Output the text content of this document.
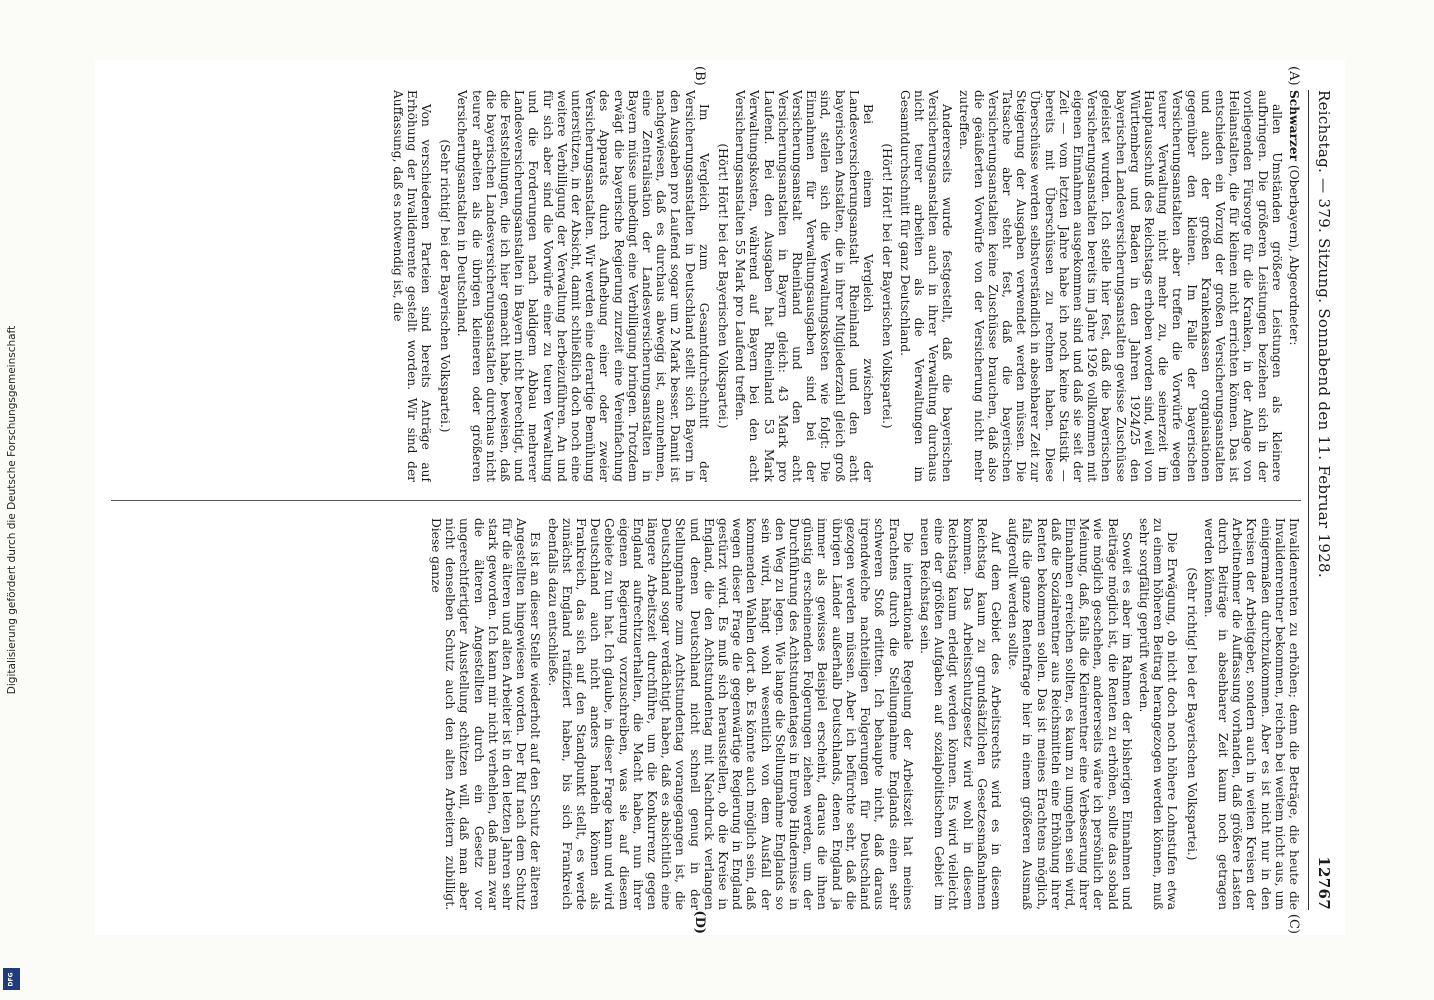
Digitalisierung gefördert durch die Deutsche Forschungsgemeinschaft
DFG
Reichstag. — 379. Sitzung. Sonnabend den 11. Februar 1928.
12767
(A)
(B)
(C)
(D)

Schwarzer (Oberbayern), Abgeordneter:

allen Umständen größere Leistungen als kleinere aufbringen. Die größeren Leistungen beziehen sich in der vorliegenden Fürsorge für die Kranken, in der Anlage von Heilanstalten, die für kleinen nicht errichten können. Das ist entschieden ein Vorzug der großen Versicherungsanstalten und auch der großen Krankenkassen organisationen gegenüber den kleinen. Im Falle der bayerischen Versicherungsanstalten aber treffen die Vorwürfe wegen teurer Verwaltung nicht mehr zu, die seinerzeit im Hauptausschuß des Reichstags erhoben worden sind, weil von Württemberg und Baden in den Jahren 1924/25 den bayerischen Landesversicherungsanstalten gewisse Zuschüsse geleistet wurden. Ich stelle hier fest, daß die bayerischen Versicherungsanstalten bereits im Jahre 1926 vollkommen mit eigenen Einnahmen ausgekommen sind und daß sie seit der Zeit — vom letzten Jahre habe ich noch keine Statistik — bereits mit Überschüssen zu rechnen haben. Diese Überschüsse werden selbstverständlich in absehbarer Zeit zur Steigerung der Ausgaben verwendet werden müssen. Die Tatsache aber steht fest, daß die bayerischen Versicherungsanstalten keine Zuschüsse brauchen, daß also die geäußerten Vorwürfe von der Versicherung nicht mehr zutreffen.

Andererseits wurde festgestellt, daß die bayerischen Versicherungsanstalten auch in ihrer Verwaltung durchaus nicht teurer arbeiten als die Verwaltungen im Gesamtdurchschnitt für ganz Deutschland.

(Hört! Hört! bei der Bayerischen Volkspartei.)

Bei einem Vergleich zwischen der Landesversicherungsanstalt Rheinland und den acht bayerischen Anstalten, die in ihrer Mitgliederzahl gleich groß sind, stellen sich die Verwaltungskosten wie folgt: Die Einnahmen für Verwaltungsausgaben sind bei der Versicherungsanstalt Rheinland und den acht Versicherungsanstalten in Bayern gleich: 43 Mark pro Laufend. Bei den Ausgaben hat Rheinland 53 Mark Verwaltungskosten, während auf Bayern bei den acht Versicherungsanstalten 55 Mark pro Laufend treffen.

(Hört! Hört! bei der Bayerischen Volkspartei.)

Im Vergleich zum Gesamtdurchschnitt der Versicherungsanstalten in Deutschland stellt sich Bayern in den Ausgaben pro Laufend sogar um 2 Mark besser. Damit ist nachgewiesen, daß es durchaus abwegig ist, anzunehmen, eine Zentralisation der Landesversicherungsanstalten in Bayern müsse unbedingt eine Verbilligung bringen. Trotzdem erwägt die bayerische Regierung zurzeit eine Vereinfachung des Apparats durch Aufhebung einer oder zweier Versicherungsanstalten. Wir werden eine derartige Bemühung unterstützen, in der Absicht, damit schließlich doch noch eine weitere Verbilligung der Verwaltung herbeizuführen. An und für sich aber sind die Vorwürfe einer zu teuren Verwaltung und die Forderungen nach baldigem Abbau mehrerer Landesversicherungsanstalten in Bayern nicht berechtigt, und die Feststellungen, die ich hier gemacht habe, beweisen, daß die bayerischen Landesversicherungsanstalten durchaus nicht teurer arbeiten als die übrigen kleineren oder größeren Versicherungsanstalten in Deutschland.

(Sehr richtig! bei der Bayerischen Volkspartei.)

Von verschiedenen Parteien sind bereits Anträge auf Erhöhung der Invalidenrente gestellt worden. Wir sind der Auffassung, daß es notwendig ist, die

Invalidenrenten zu erhöhen; denn die Beträge, die heute die Invalidenrentner bekommen, reichen bei weitem nicht aus, um einigermaßen durchzukommen. Aber es ist nicht nur in den Kreisen der Arbeitgeber, sondern auch in weiten Kreisen der Arbeitnehmer die Auffassung vorhanden, daß größere Lasten durch Beiträge in absehbarer Zeit kaum noch getragen werden können.

(Sehr richtig! bei der Bayerischen Volkspartei.)

Die Erwägung, ob nicht doch noch höhere Lohnstufen etwa zu einem höheren Beitrag herangezogen werden können, muß sehr sorgfältig geprüft werden.

Soweit es aber im Rahmen der bisherigen Einnahmen und Beiträge möglich ist, die Renten zu erhöhen, sollte das sobald wie möglich geschehen, andererseits wäre ich persönlich der Meinung, daß, falls die Kleinrentner eine Verbesserung ihrer Einnahmen erreichen sollten, es kaum zu umgehen sein wird, daß die Sozialrentner aus Reichsmitteln eine Erhöhung ihrer Renten bekommen sollen. Das ist meines Erachtens möglich, falls die ganze Rentenfrage hier in einem größeren Ausmaß aufgerollt werden sollte.

Auf dem Gebiet des Arbeitsrechts wird es in diesem Reichstag kaum zu grundsätzlichen Gesetzesmaßnahmen kommen. Das Arbeitsschutzgesetz wird wohl in diesem Reichstag kaum erledigt werden können. Es wird vielleicht eine der größten Aufgaben auf sozialpolitischem Gebiet im neuen Reichstag sein.

Die internationale Regelung der Arbeitszeit hat meines Erachtens durch die Stellungnahme Englands einen sehr schweren Stoß erlitten. Ich behaupte nicht, daß daraus irgendwelche nachteiligen Folgerungen für Deutschland gezogen werden müssen. Aber ich befürchte sehr, daß die übrigen Länder außerhalb Deutschlands, denen England ja immer als gewisses Beispiel erscheint, daraus die ihnen günstig erscheinenden Folgerungen ziehen werden, um der Durchführung des Achtstundentages in Europa Hindernisse in den Weg zu legen. Wie lange die Stellungnahme Englands so sein wird, hängt wohl wesentlich von dem Ausfall der kommenden Wahlen dort ab. Es könnte auch möglich sein, daß wegen dieser Frage die gegenwärtige Regierung in England gestürzt wird. Es muß sich herausstellen, ob die Kreise in England, die den Achtstundentag mit Nachdruck verlangen und denen Deutschland nicht schnell genug in der Stellungnahme zum Achtstundentag vorangegangen ist, die Deutschland sogar verdächtigt haben, daß es absichtlich eine längere Arbeitszeit durchführe, um die Konkurrenz gegen England aufrechtzuerhalten, die Macht haben, nun ihrer eigenen Regierung vorzuschreiben, was sie auf diesem Gebiete zu tun hat. Ich glaube, in dieser Frage kann und wird Deutschland auch nicht anders handeln können als Frankreich, das sich auf den Standpunkt stellt, es werde zunächst England ratifiziert haben, bis sich Frankreich ebenfalls dazu entschließe.

Es ist an dieser Stelle wiederholt auf den Schutz der älteren Angestellten hingewiesen worden. Der Ruf nach dem Schutz für die älteren und alten Arbeiter ist in den letzten Jahren sehr stark geworden. Ich kann mir nicht verhehlen, daß man zwar die älteren Angestellten durch ein Gesetz vor ungerechtfertigter Ausstellung schützen will, daß man aber nicht denselben Schutz auch den alten Arbeitern zubilligt. Diese ganze
